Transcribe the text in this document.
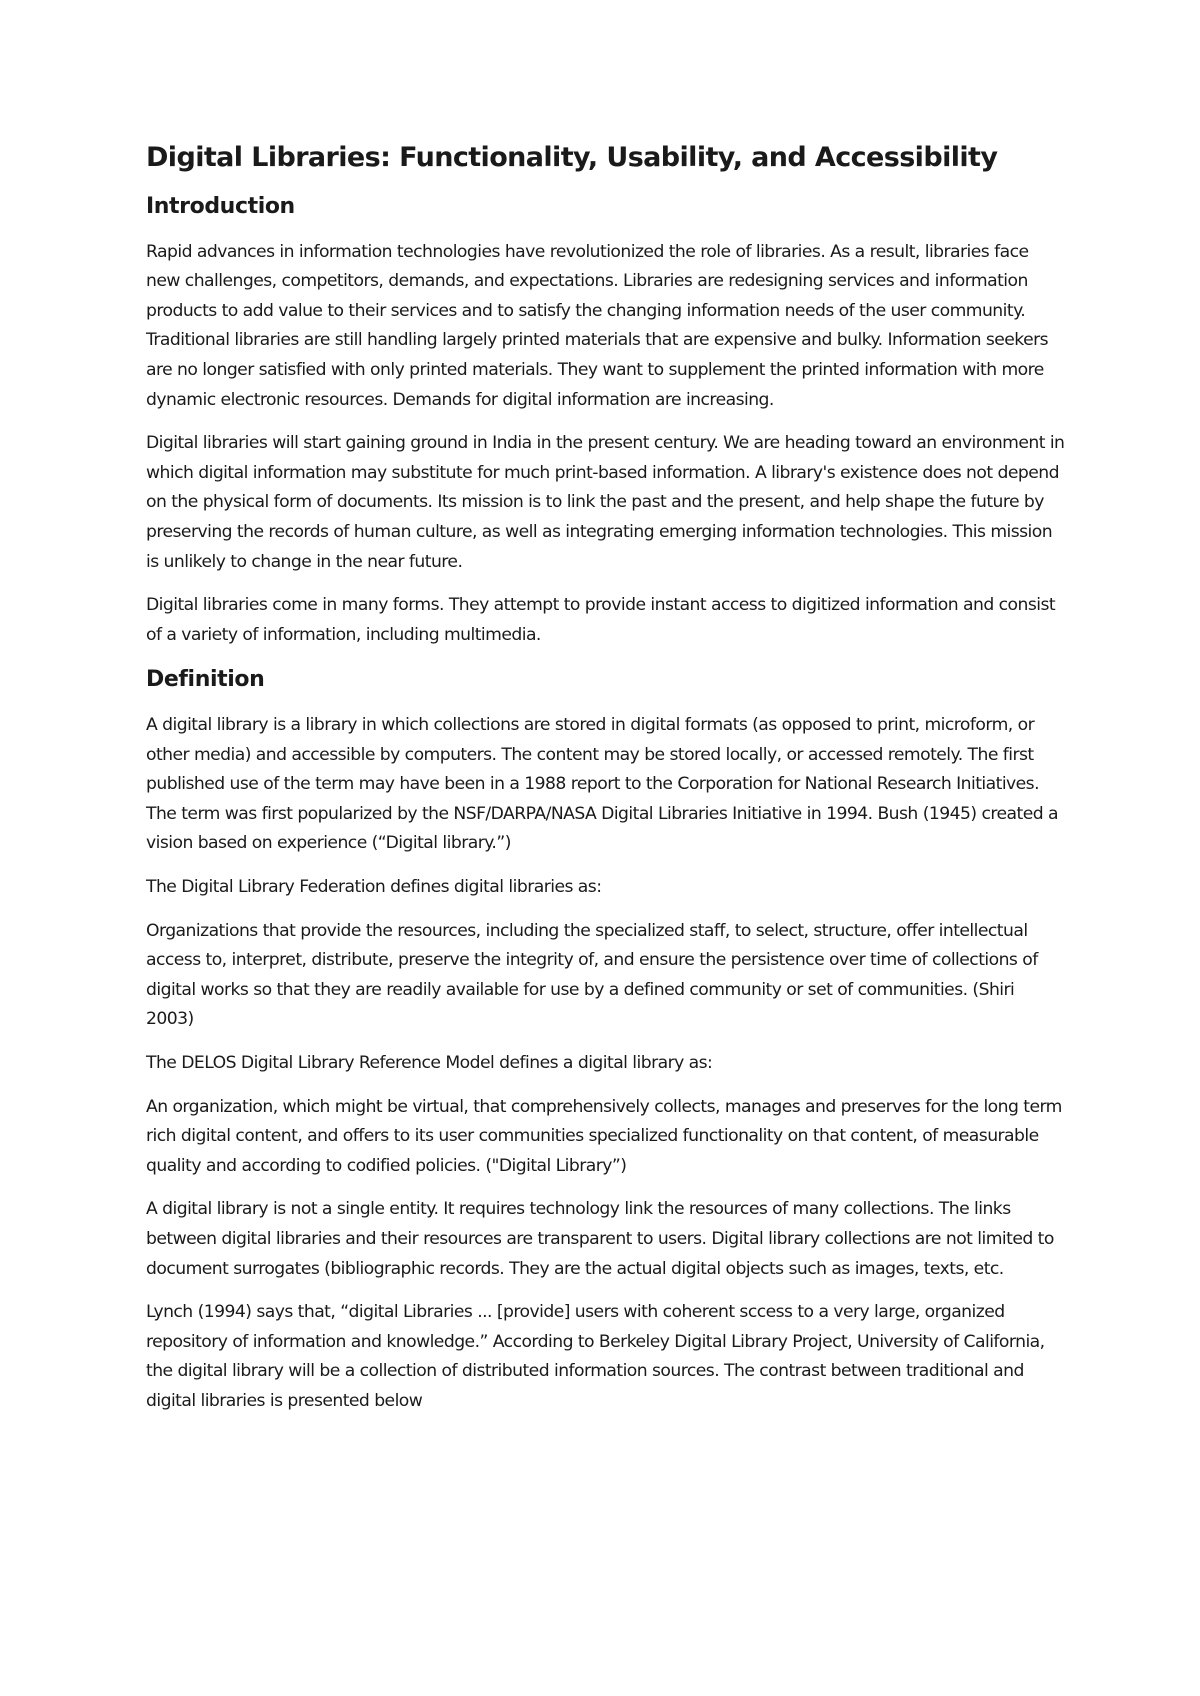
Digital Libraries: Functionality, Usability, and Accessibility
Introduction

Rapid advances in information technologies have revolutionized the role of libraries. As a result, libraries face new challenges, competitors, demands, and expectations. Libraries are redesigning services and information products to add value to their services and to satisfy the changing information needs of the user community. Traditional libraries are still handling largely printed materials that are expensive and bulky. Information seekers are no longer satisfied with only printed materials. They want to supplement the printed information with more dynamic electronic resources. Demands for digital information are increasing.

Digital libraries will start gaining ground in India in the present century. We are heading toward an environment in which digital information may substitute for much print-based information. A library's existence does not depend on the physical form of documents. Its mission is to link the past and the present, and help shape the future by preserving the records of human culture, as well as integrating emerging information technologies. This mission is unlikely to change in the near future.

Digital libraries come in many forms. They attempt to provide instant access to digitized information and consist of a variety of information, including multimedia.

Definition

A digital library is a library in which collections are stored in digital formats (as opposed to print, microform, or other media) and accessible by computers. The content may be stored locally, or accessed remotely. The first published use of the term may have been in a 1988 report to the Corporation for National Research Initiatives. The term was first popularized by the NSF/DARPA/NASA Digital Libraries Initiative in 1994. Bush (1945) created a vision based on experience (“Digital library.”)

The Digital Library Federation defines digital libraries as:

Organizations that provide the resources, including the specialized staff, to select, structure, offer intellectual access to, interpret, distribute, preserve the integrity of, and ensure the persistence over time of collections of digital works so that they are readily available for use by a defined community or set of communities. (Shiri 2003)

The DELOS Digital Library Reference Model defines a digital library as:

An organization, which might be virtual, that comprehensively collects, manages and preserves for the long term rich digital content, and offers to its user communities specialized functionality on that content, of measurable quality and according to codified policies. ("Digital Library”)

A digital library is not a single entity. It requires technology link the resources of many collections. The links between digital libraries and their resources are transparent to users. Digital library collections are not limited to document surrogates (bibliographic records. They are the actual digital objects such as images, texts, etc.

Lynch (1994) says that, “digital Libraries ... [provide] users with coherent sccess to a very large, organized repository of information and knowledge.” According to Berkeley Digital Library Project, University of California, the digital library will be a collection of distributed information sources. The contrast between traditional and digital libraries is presented below
